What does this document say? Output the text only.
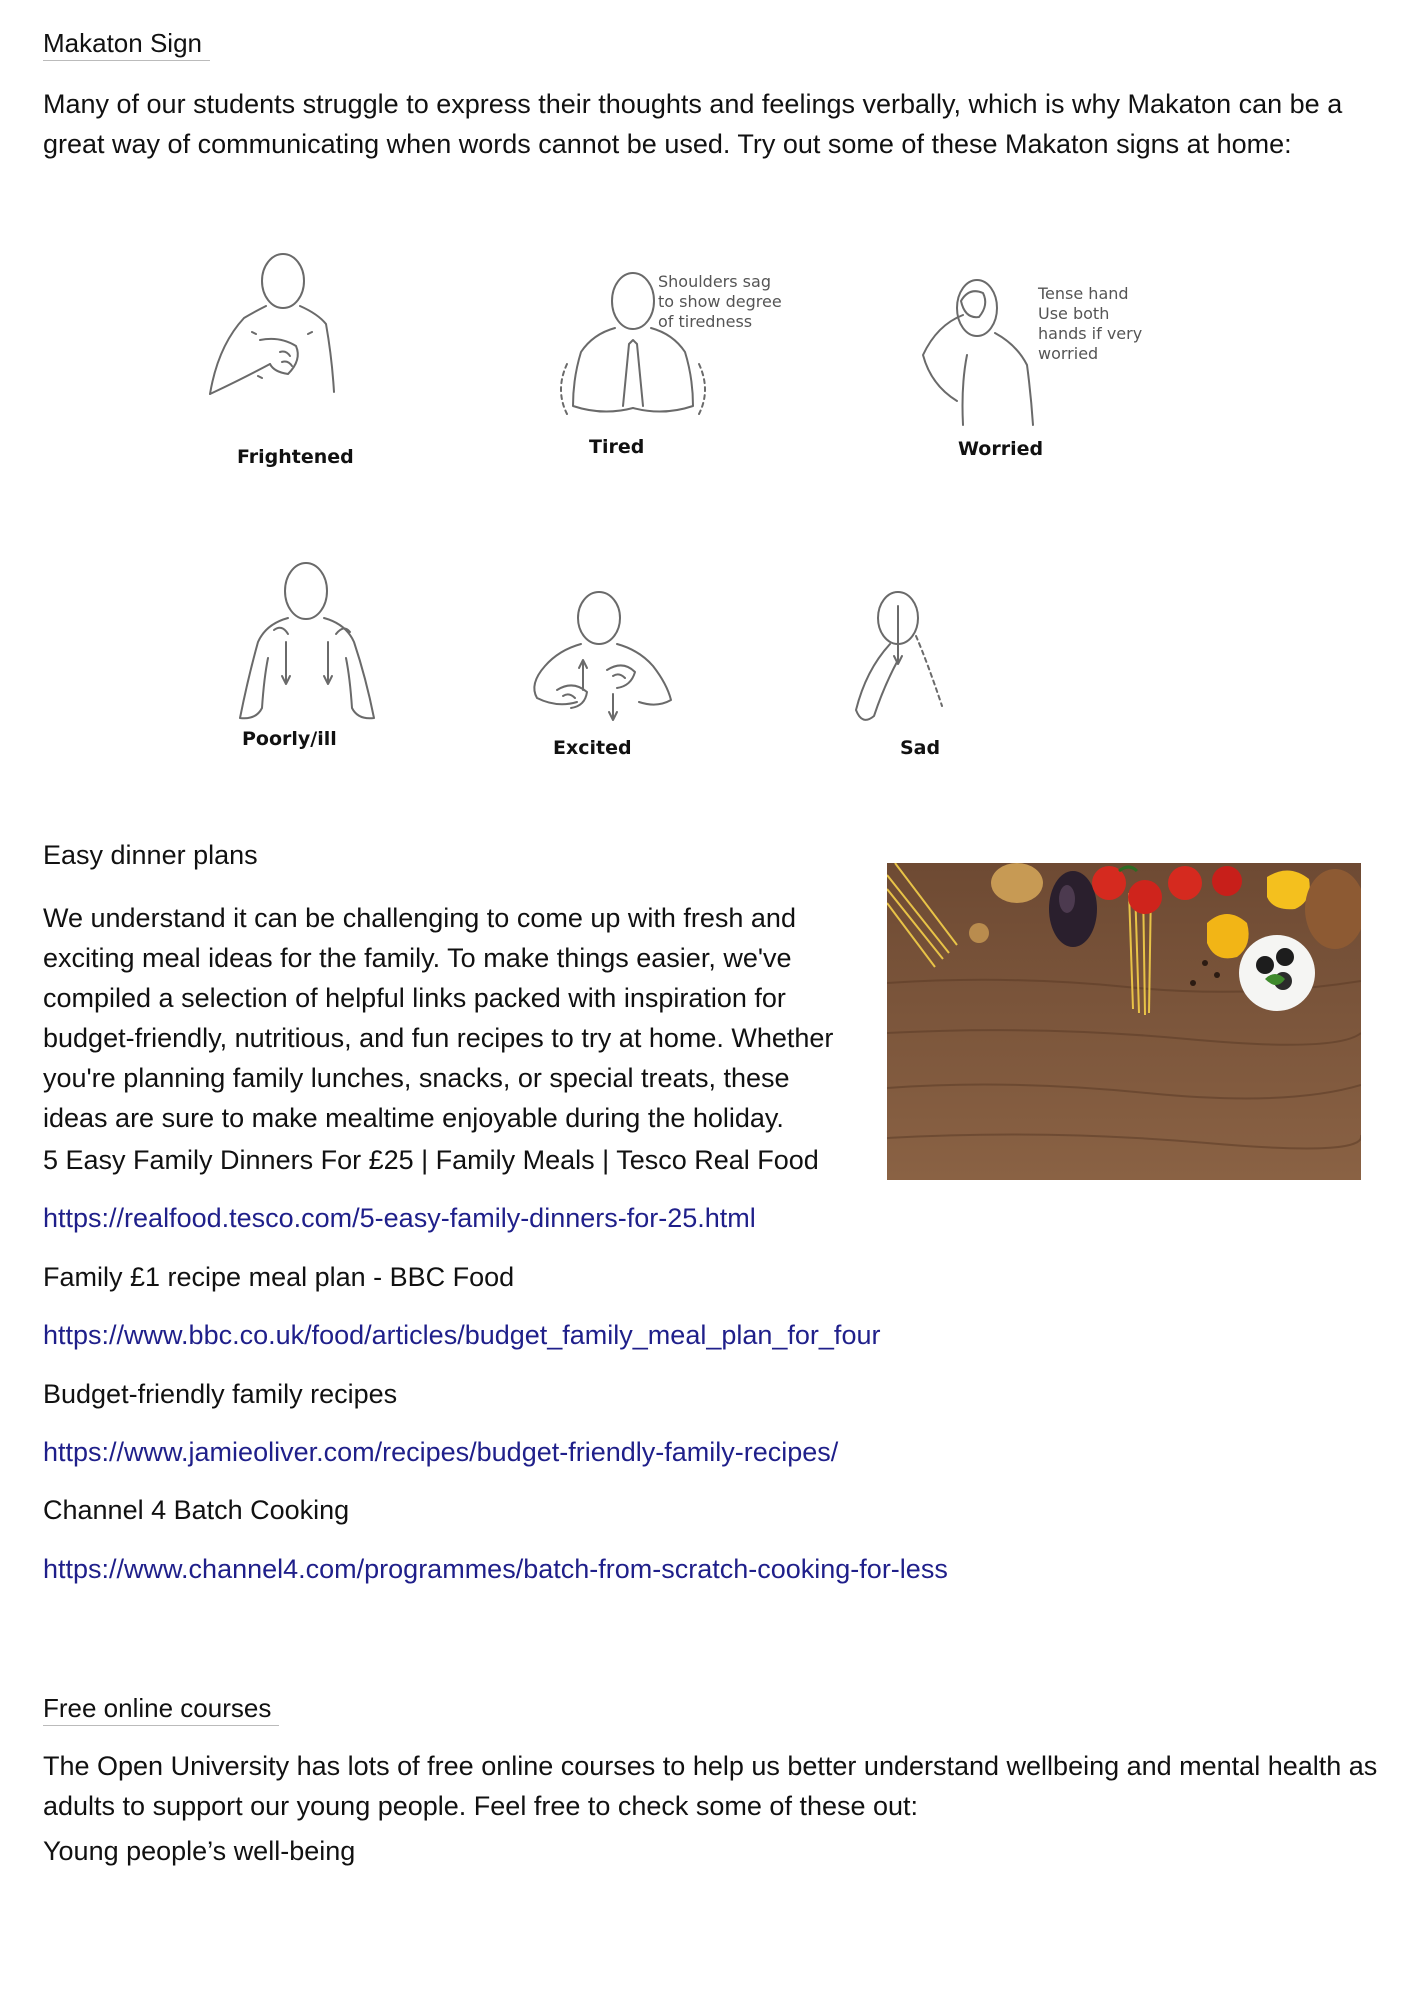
Makaton Sign
Many of our students struggle to express their thoughts and feelings verbally, which is why Makaton can be a great way of communicating when words cannot be used. Try out some of these Makaton signs at home:
Frightened
Shoulders sag
to show degree
of tiredness
Tired
Tense hand
Use both
hands if very
worried
Worried
Poorly/ill	Excited	Sad
Easy dinner plans
We understand it can be challenging to come up with fresh and
exciting meal ideas for the family. To make things easier, we've
compiled a selection of helpful links packed with inspiration for
budget-friendly, nutritious, and fun recipes to try at home. Whether
you're planning family lunches, snacks, or special treats, these
ideas are sure to make mealtime enjoyable during the holiday.
5 Easy Family Dinners For £25 | Family Meals | Tesco Real Food
https://realfood.tesco.com/5-easy-family-dinners-for-25.html
Family £1 recipe meal plan - BBC Food
https://www.bbc.co.uk/food/articles/budget_family_meal_plan_for_four
Budget-friendly family recipes
https://www.jamieoliver.com/recipes/budget-friendly-family-recipes/
Channel 4 Batch Cooking
https://www.channel4.com/programmes/batch-from-scratch-cooking-for-less
Free online courses
The Open University has lots of free online courses to help us better understand wellbeing and mental health as adults to support our young people. Feel free to check some of these out:
Young people’s well-being
